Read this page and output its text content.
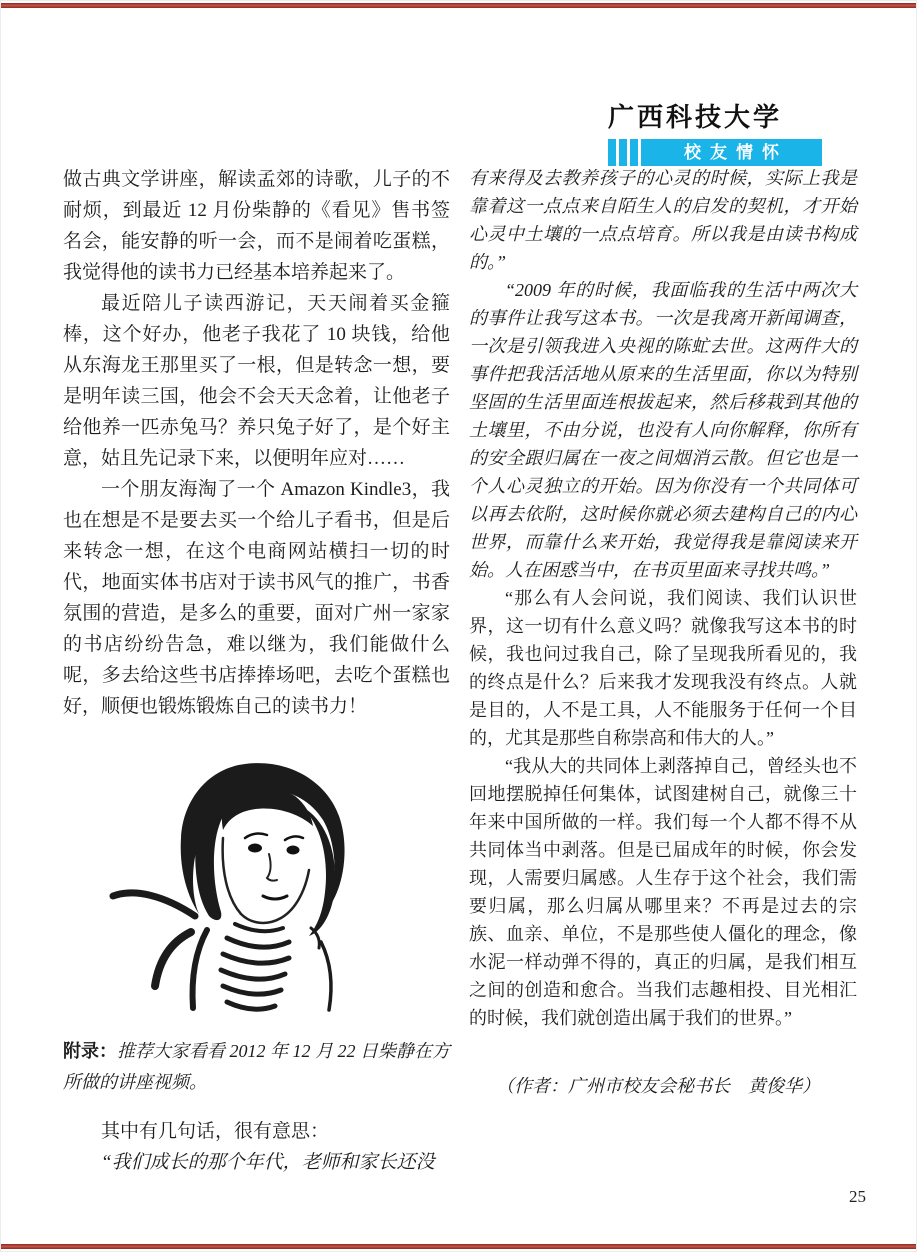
广西科技大学

校友情怀

做古典文学讲座，解读孟郊的诗歌，儿子的不耐烦，到最近 12 月份柴静的《看见》售书签名会，能安静的听一会，而不是闹着吃蛋糕，我觉得他的读书力已经基本培养起来了。

最近陪儿子读西游记，天天闹着买金箍棒，这个好办，他老子我花了 10 块钱，给他从东海龙王那里买了一根，但是转念一想，要是明年读三国，他会不会天天念着，让他老子给他养一匹赤兔马？养只兔子好了，是个好主意，姑且先记录下来，以便明年应对……

一个朋友海淘了一个 Amazon Kindle3，我也在想是不是要去买一个给儿子看书，但是后来转念一想，在这个电商网站横扫一切的时代，地面实体书店对于读书风气的推广，书香氛围的营造，是多么的重要，面对广州一家家的书店纷纷告急，难以继为，我们能做什么呢，多去给这些书店捧捧场吧，去吃个蛋糕也好，顺便也锻炼锻炼自己的读书力！

附录：推荐大家看看 2012 年 12 月 22 日柴静在方所做的讲座视频。

其中有几句话，很有意思：

“我们成长的那个年代，老师和家长还没

有来得及去教养孩子的心灵的时候，实际上我是靠着这一点点来自陌生人的启发的契机，才开始心灵中土壤的一点点培育。所以我是由读书构成的。”

“2009 年的时候，我面临我的生活中两次大的事件让我写这本书。一次是我离开新闻调查，一次是引领我进入央视的陈虻去世。这两件大的事件把我活活地从原来的生活里面，你以为特别坚固的生活里面连根拔起来，然后移栽到其他的土壤里，不由分说，也没有人向你解释，你所有的安全跟归属在一夜之间烟消云散。但它也是一个人心灵独立的开始。因为你没有一个共同体可以再去依附，这时候你就必须去建构自己的内心世界，而靠什么来开始，我觉得我是靠阅读来开始。人在困惑当中，在书页里面来寻找共鸣。”

“那么有人会问说，我们阅读、我们认识世界，这一切有什么意义吗？就像我写这本书的时候，我也问过我自己，除了呈现我所看见的，我的终点是什么？后来我才发现我没有终点。人就是目的，人不是工具，人不能服务于任何一个目的，尤其是那些自称崇高和伟大的人。”

“我从大的共同体上剥落掉自己，曾经头也不回地摆脱掉任何集体，试图建树自己，就像三十年来中国所做的一样。我们每一个人都不得不从共同体当中剥落。但是已届成年的时候，你会发现，人需要归属感。人生存于这个社会，我们需要归属，那么归属从哪里来？不再是过去的宗族、血亲、单位，不是那些使人僵化的理念，像水泥一样动弹不得的，真正的归属，是我们相互之间的创造和愈合。当我们志趣相投、目光相汇的时候，我们就创造出属于我们的世界。”

（作者：广州市校友会秘书长　黄俊华）

25
